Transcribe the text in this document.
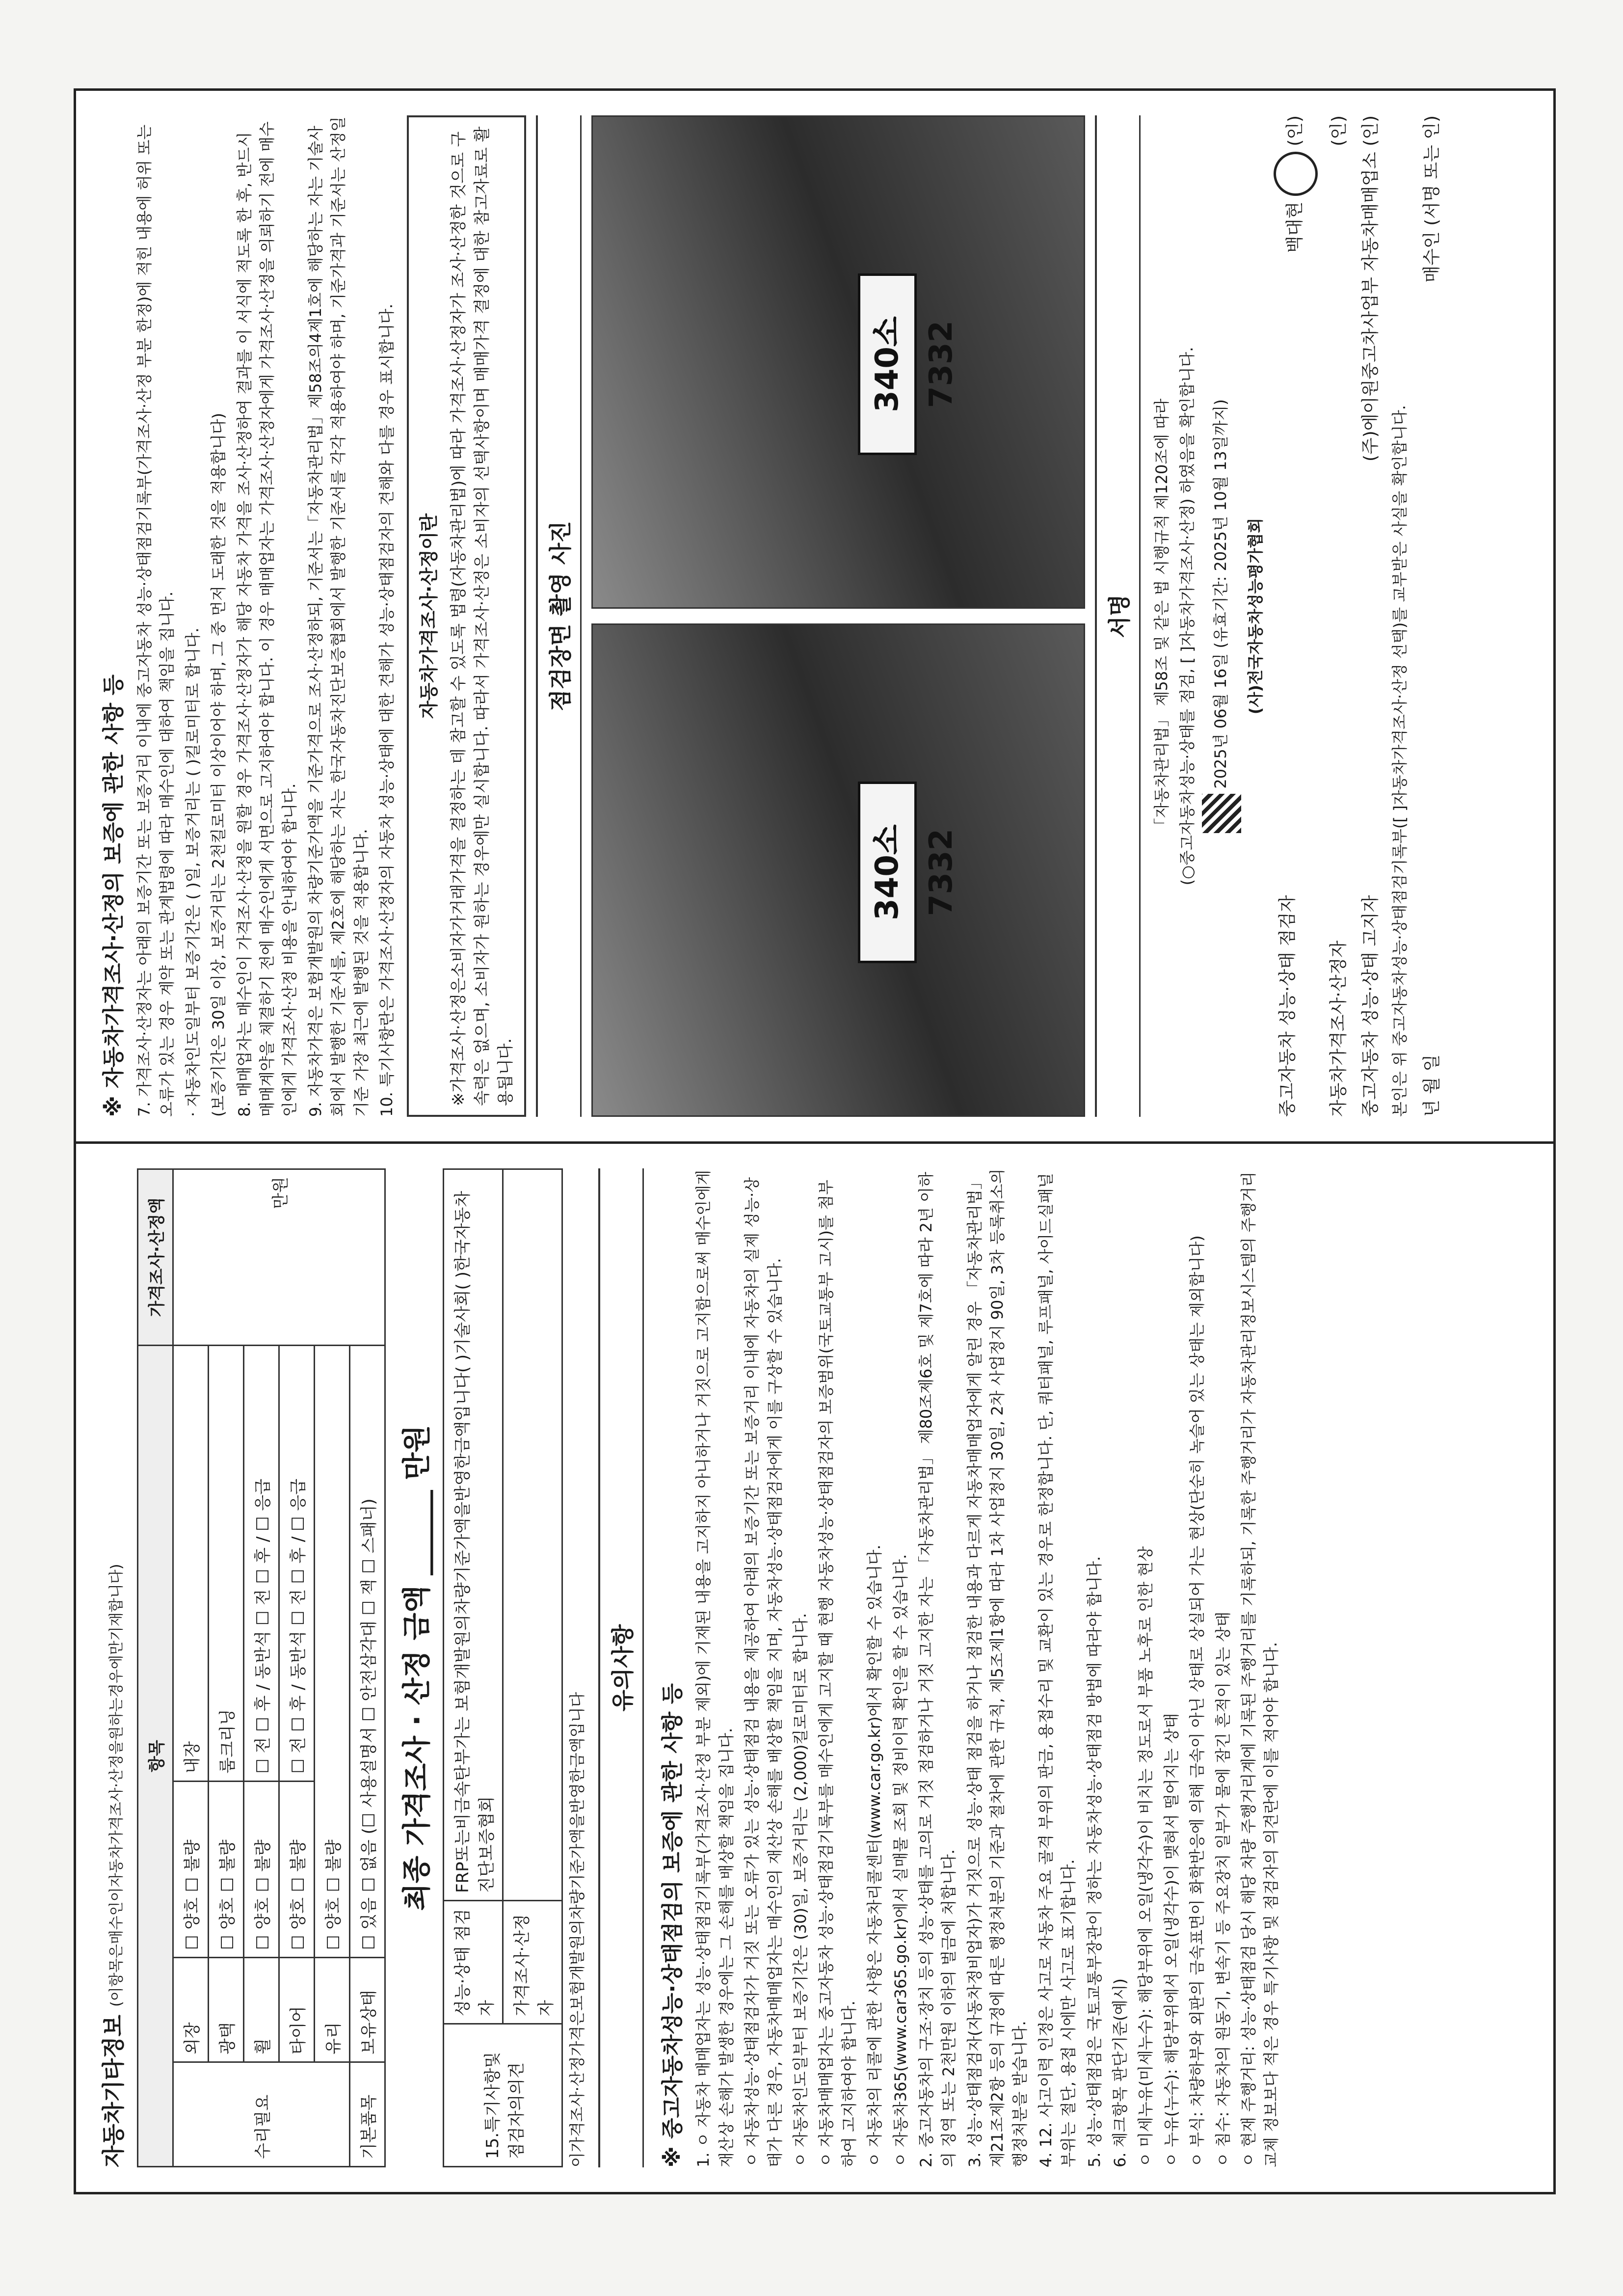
자동차기타정보 (이항목은매수인이자동차가격조사·산정을원하는경우에만기재합니다) 항목				가격조사·산정액
수리필요	외장	☐ 양호 ☐ 불량	내장	만원
	광택	☐ 양호 ☐ 불량	룸크리닝	
	휠	☐ 양호 ☐ 불량	☐ 전 ☐ 후 / 동반석 ☐ 전 ☐ 후 / ☐ 응급	
	타이어	☐ 양호 ☐ 불량	☐ 전 ☐ 후 / 동반석 ☐ 전 ☐ 후 / ☐ 응급	
	유리	☐ 양호 ☐ 불량		
기본품목	보유상태	☐ 있음 ☐ 없음 (☐ 사용설명서 ☐ 안전삼각대 ☐ 잭 ☐ 스패너)		최종 가격조사 · 산정 금액 ______ 만원
15.특기사항및 점검자의의견	성능·상태 점검자	FRP또는비금속탄부가는 보험개발원의차량기준가액을반영한금액입니다( )기술사회( )한국자동차진단보증협회
	가격조사·산정자	이가격조사·산정가격은보험개발원의차량기준가액을반영한금액입니다
유의사항
※ 중고자동차성능·상태점검의 보증에 관한 사항 등 1. ㅇ 자동차 매매업자는 성능·상태점검기록부(가격조사·산정 부분 제외)에 기재된 내용을 고지하지 아니하거나 거짓으로 고지함으로써 매수인에게 재산상 손해가 발생한 경우에는 그 손해를 배상할 책임을 집니다. ㅇ 자동차성능·상태점검자가 거짓 또는 오류가 있는 성능·상태점검 내용을 제공하여 아래의 보증기간 또는 보증거리 이내에 자동차의 실제 성능·상태가 다른 경우, 자동차매매업자는 매수인의 재산상 손해를 배상할 책임을 지며, 자동차성능·상태점검자에게 이를 구상할 수 있습니다. ㅇ 자동차인도일부터 보증기간은 (30)일, 보증거리는 (2,000)킬로미터로 합니다. ㅇ 자동차매매업자는 중고자동차 성능·상태점검기록부를 매수인에게 고지할 때 현행 자동차성능·상태점검자의 보증범위(국토교통부 고시)를 첨부하여 고지하여야 합니다. ㅇ 자동차의 리콜에 관한 사항은 자동차리콜센터(www.car.go.kr)에서 확인할 수 있습니다. ㅇ 자동차365(www.car365.go.kr)에서 실매물 조회 및 정비이력 확인을 할 수 있습니다. 2. 중고자동차의 구조·장치 등의 성능·상태를 고의로 거짓 점검하거나 거짓 고지한 자는 「자동차관리법」 제80조제6호 및 제7호에 따라 2년 이하의 징역 또는 2천만원 이하의 벌금에 처합니다. 3. 성능·상태점검자(자동차정비업자)가 거짓으로 성능·상태 점검을 하거나 점검한 내용과 다르게 자동차매매업자에게 알린 경우 「자동차관리법」 제21조제2항 등의 규정에 따른 행정처분의 기준과 절차에 관한 규칙, 제5조제1항에 따라 1차 사업정지 30일, 2차 사업정지 90일, 3차 등록취소의 행정처분을 받습니다. 4. 12. 사고이력 인정은 사고로 자동차 주요 골격 부위의 판금, 용접수리 및 교환이 있는 경우로 한정합니다. 단, 쿼터패널, 루프패널, 사이드실패널 부위는 절단, 용접 시에만 사고로 표기합니다. 5. 성능·상태점검은 국토교통부장관이 정하는 자동차성능·상태점검 방법에 따라야 합니다. 6. 체크항목 판단기준(예시) ㅇ 미세누유(미세누수): 해당부위에 오일(냉각수)이 비치는 정도로서 부품 노후로 인한 현상 ㅇ 누유(누수): 해당부위에서 오일(냉각수)이 맺혀서 떨어지는 상태 ㅇ 부식: 차량하부와 외판의 금속표면이 화학반응에 의해 금속이 아닌 상태로 상실되어 가는 현상(단순히 녹슬어 있는 상태는 제외합니다) ㅇ 침수: 자동차의 원동기, 변속기 등 주요장치 일부가 물에 잠긴 흔적이 있는 상태 ㅇ 현재 주행거리: 성능·상태점검 당시 해당 차량 주행거리계에 기록된 주행거리를 기록하되, 기록한 주행거리가 자동차관리정보시스템의 주행거리 교체 정보보다 적은 경우 특기사항 및 점검자의 의견란에 이를 적어야 합니다.
※ 자동차가격조사·산정의 보증에 관한 사항 등 7. 가격조사·산정자는 아래의 보증기간 또는 보증거리 이내에 중고자동차 성능·상태점검기록부(가격조사·산정 부분 한정)에 적힌 내용에 허위 또는 오류가 있는 경우 계약 또는 관계법령에 따라 매수인에 대하여 책임을 집니다. · 자동차인도일부터 보증기간은 ( )일, 보증거리는 ( )킬로미터로 합니다. (보증기간은 30일 이상, 보증거리는 2천킬로미터 이상이어야 하며, 그 중 먼저 도래한 것을 적용합니다) 8. 매매업자는 매수인이 가격조사·산정을 원할 경우 가격조사·산정자가 해당 자동차 가격을 조사·산정하여 결과를 이 서식에 적도록 한 후, 반드시 매매계약을 체결하기 전에 매수인에게 서면으로 고지하여야 합니다. 이 경우 매매업자는 가격조사·산정자에게 가격조사·산정을 의뢰하기 전에 매수인에게 가격조사·산정 비용을 안내하여야 합니다. 9. 자동차가격은 보험개발원의 차량기준가액을 기준가격으로 조사·산정하되, 기준서는「자동차관리법」제58조의4제1호에 해당하는 자는 기술사회에서 발행한 기준서를, 제2호에 해당하는 자는 한국자동차진단보증협회에서 발행한 기준서를 각각 적용하여야 하며, 기준가격과 기준서는 산정일 기준 가장 최근에 발행된 것을 적용합니다. 10. 특기사항란은 가격조사·산정자의 자동차 성능·상태에 대한 견해가 성능·상태점검자의 견해와 다를 경우 표시합니다. 자동차가격조사·산정이란 ※가격조사·산정은소비자가거래가격을 결정하는 데 참고할 수 있도록 법령(자동차관리법)에 따라 가격조사·산정자가 조사·산정한 것으로 구속력은 없으며, 소비자가 원하는 경우에만 실시합니다. 따라서 가격조사·산정은 소비자의 선택사항이며 매매가격 결정에 대한 참고자료로 활용됩니다.
점검장면 촬영 사진
340소7332
340소7332
서명	「자동차관리법」 제58조 및 같은 법 시행규칙 제120조에 따라 (○중고자동차성능·상태를 점검, [ ]자동차가격조사·산정) 하였음을 확인합니다. 2025년 06월 16일 (유효기간: 2025년 10월 13일까지)	(사)전국자동차성능평가협회
중고자동차 성능·상태 점검자
백대현  (인)
자동차가격조사·산정자
(인)
중고자동차 성능·상태 고지자
(주)에이원중고차사업부 자동차매매업소 (인)
본인은 위 중고자동차성능·상태점검기록부([ ]자동차가격조사·산정 선택)를 교부받은 사실을 확인합니다. 년 월 일
매수인 (서명 또는 인)
